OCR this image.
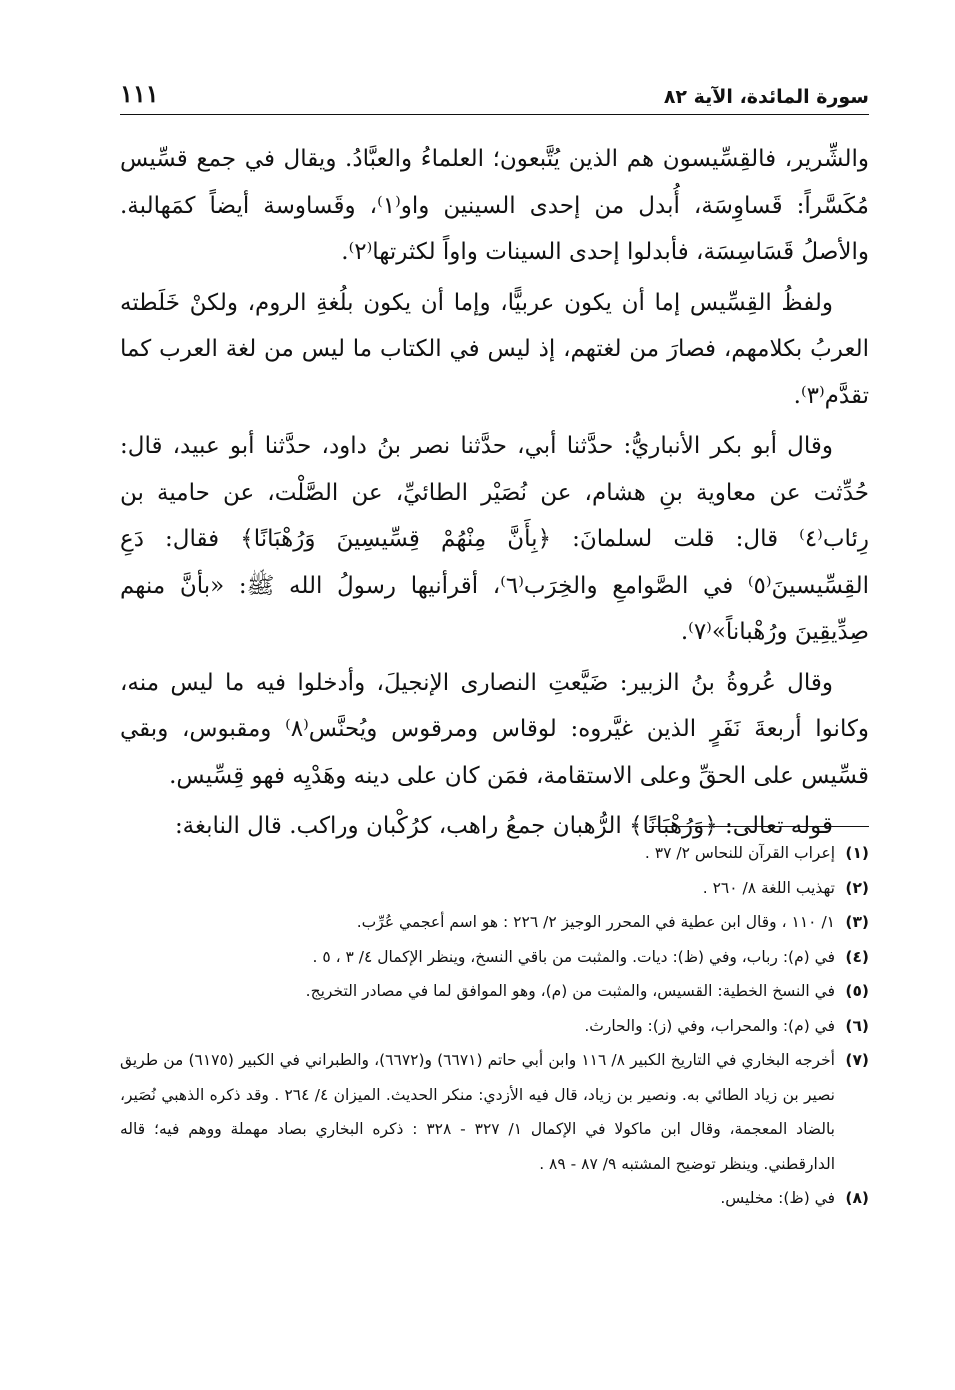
١١١	سورة المائدة، الآية ٨٢

والشِّرير، فالقِسِّيسون هم الذين يُتَّبعون؛ العلماءُ والعبَّادُ. ويقال في جمع قسِّيس مُكَسَّراً: قَساوِسَة، أُبدل من إحدى السينين واو⁽١⁾، وقَساوسة أيضاً كمَهالبة. والأصلُ قَسَاسِسَة، فأبدلوا إحدى السينات واواً لكثرتها⁽٢⁾.

ولفظُ القِسِّيس إما أن يكون عربيًّا، وإما أن يكون بلُغةِ الروم، ولكنْ خَلَطته العربُ بكلامهم، فصارَ من لغتهم، إذ ليس في الكتاب ما ليس من لغة العرب كما تقدَّم⁽٣⁾.

وقال أبو بكر الأنباريُّ: حدَّثنا أبي، حدَّثنا نصر بنُ داود، حدَّثنا أبو عبيد، قال: حُدِّثت عن معاوية بنِ هشام، عن نُصَيْر الطائيِّ، عن الصَّلْت، عن حامية بن رِئاب⁽٤⁾ قال: قلت لسلمانَ: ﴿بِأَنَّ مِنْهُمْ قِسِّيسِينَ وَرُهْبَانًا﴾ فقال: دَعِ القِسِّيسينَ⁽٥⁾ في الصَّوامعِ والخِرَب⁽٦⁾، أقرأنيها رسولُ الله ﷺ: «بأنَّ منهم صِدِّيقِينَ ورُهْباناً»⁽٧⁾.

وقال عُروةُ بنُ الزبير: ضَيَّعتِ النصارى الإنجيلَ، وأدخلوا فيه ما ليس منه، وكانوا أربعةَ نَفَرٍ الذين غيَّروه: لوقاس ومرقوس ويُحنَّس⁽٨⁾ ومقبوس، وبقي قسِّيس على الحقِّ وعلى الاستقامة، فمَن كان على دينه وهَدْيِه فهو قِسِّيس.

قوله تعالى: ﴿وَرُهْبَانًا﴾ الرُّهبان جمعُ راهب، كرُكْبان وراكب. قال النابغة:

(١)
إعراب القرآن للنحاس ٢/ ٣٧ .
(٢)
تهذيب اللغة ٨/ ٢٦٠ .
(٣)
١/ ١١٠ ، وقال ابن عطية في المحرر الوجيز ٢/ ٢٢٦ : هو اسم أعجمي عُرِّب.
(٤)
في (م): رباب، وفي (ظ): ديات. والمثبت من باقي النسخ، وينظر الإكمال ٤/ ٣ ، ٥ .
(٥)
في النسخ الخطية: القسيس، والمثبت من (م)، وهو الموافق لما في مصادر التخريج.
(٦)
في (م): والمحراب، وفي (ز): والحارث.
(٧)
أخرجه البخاري في التاريخ الكبير ٨/ ١١٦ وابن أبي حاتم (٦٦٧١) و(٦٦٧٢)، والطبراني في الكبير (٦١٧٥) من طريق نصير بن زياد الطائي به. ونصير بن زياد، قال فيه الأزدي: منكر الحديث. الميزان ٤/ ٢٦٤ . وقد ذكره الذهبي نُصَير، بالضاد المعجمة، وقال ابن ماكولا في الإكمال ١/ ٣٢٧ - ٣٢٨ : ذكره البخاري بصاد مهملة ووهم فيه؛ قاله الدارقطني. وينظر توضيح المشتبه ٩/ ٨٧ - ٨٩ .
(٨)
في (ظ): مخليس.
